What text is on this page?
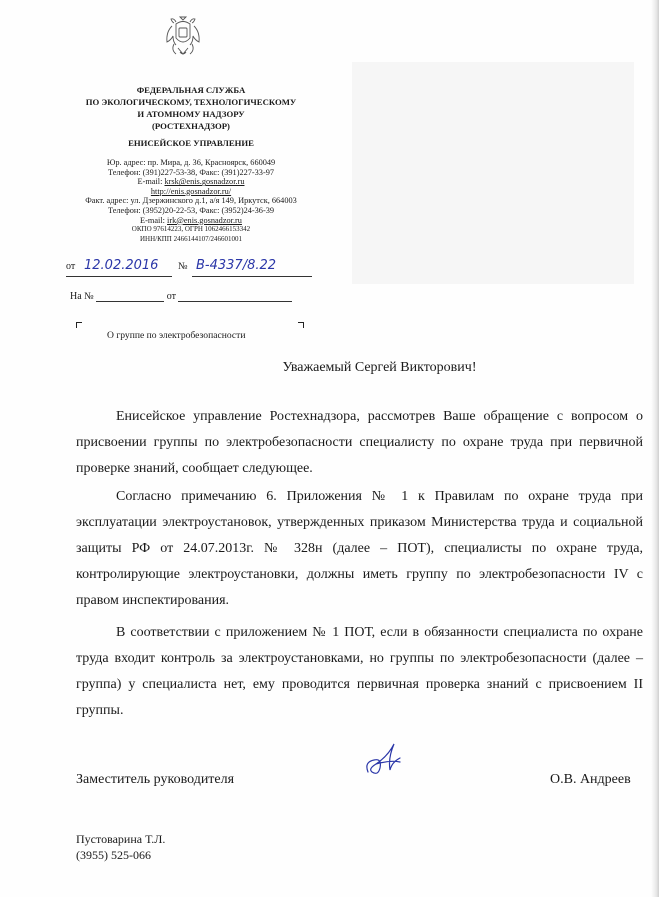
ФЕДЕРАЛЬНАЯ СЛУЖБА
ПО ЭКОЛОГИЧЕСКОМУ, ТЕХНОЛОГИЧЕСКОМУ
И АТОМНОМУ НАДЗОРУ
(РОСТЕХНАДЗОР)
ЕНИСЕЙСКОЕ УПРАВЛЕНИЕ
Юр. адрес: пр. Мира, д. 36, Красноярск, 660049
Телефон: (391)227-53-38, Факс: (391)227-33-97
E-mail: krsk@enis.gosnadzor.ru
http://enis.gosnadzor.ru/
Факт. адрес: ул. Дзержинского д.1, а/я 149, Иркутск, 664003
Телефон: (3952)20-22-53, Факс: (3952)24-36-39
E-mail: irk@enis.gosnadzor.ru
ОКПО 97614223, ОГРН 1062466153342
ИНН/КПП 2466144107/246601001
от 12.02.2016 № В-4337/8.22
На №	от
О группе по электробезопасности
Уважаемый Сергей Викторович!

Енисейское управление Ростехнадзора, рассмотрев Ваше обращение с вопросом о присвоении группы по электробезопасности специалисту по охране труда при первичной проверке знаний, сообщает следующее.

Согласно примечанию 6. Приложения № 1 к Правилам по охране труда при эксплуатации электроустановок, утвержденных приказом Министерства труда и социальной защиты РФ от 24.07.2013г. № 328н (далее – ПОТ), специалисты по охране труда, контролирующие электроустановки, должны иметь группу по электробезопасности IV с правом инспектирования.

В соответствии с приложением № 1 ПОТ, если в обязанности специалиста по охране труда входит контроль за электроустановками, но группы по электробезопасности (далее – группа) у специалиста нет, ему проводится первичная проверка знаний с присвоением II группы.

Заместитель руководителя	О.В. Андреев
Пустоварина Т.Л.
(3955) 525-066
